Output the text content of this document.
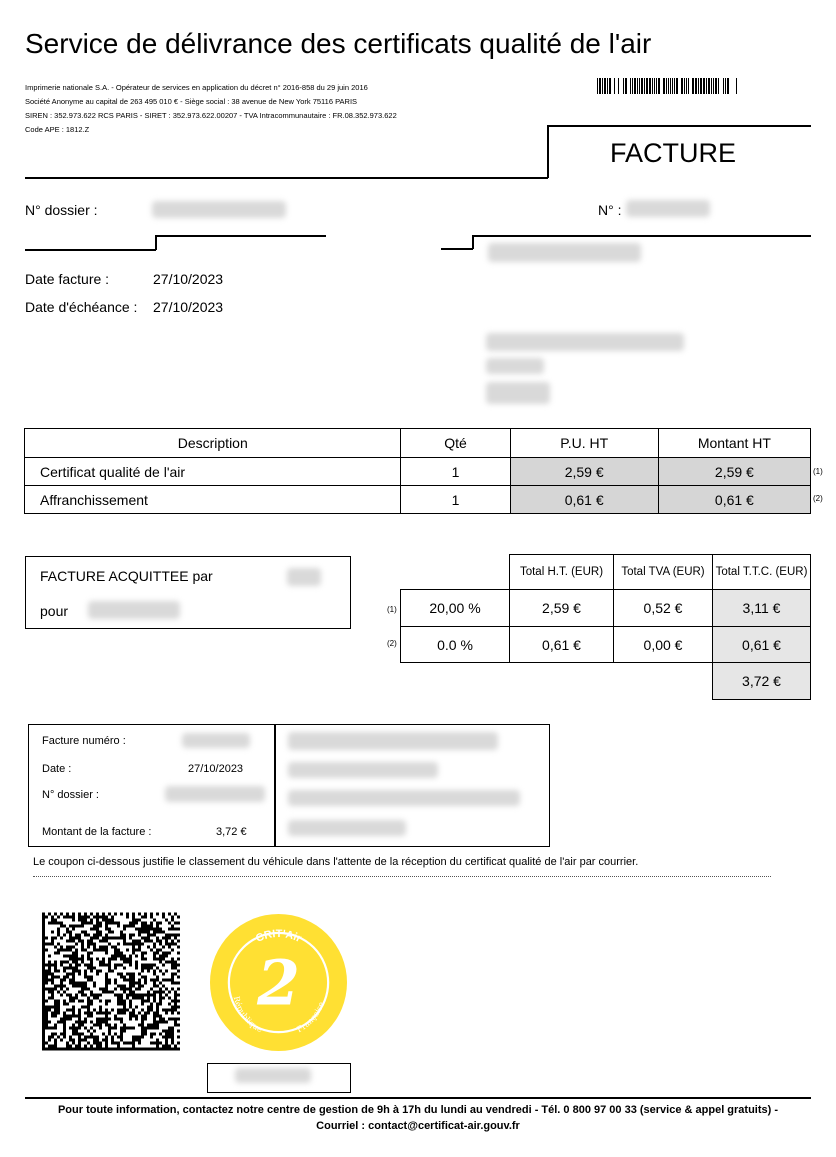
Service de délivrance des certificats qualité de l'air
Imprimerie nationale S.A. - Opérateur de services en application du décret n° 2016-858 du 29 juin 2016
Société Anonyme au capital de 263 495 010 € - Siège social : 38 avenue de New York 75116 PARIS
SIREN : 352.973.622 RCS PARIS - SIRET : 352.973.622.00207 - TVA Intracommunautaire : FR.08.352.973.622
Code APE : 1812.Z
FACTURE
N° dossier :	N° :
Date facture :	27/10/2023
Date d'échéance : 27/10/2023
Description	Qté	P.U. HT	Montant HT
Certificat qualité de l'air	1	2,59 €	2,59 €
Affranchissement	1	0,61 €	0,61 €
(1)
(2)
FACTURE ACQUITTEE par
pour
	Total H.T. (EUR)	Total TVA (EUR)	Total T.T.C. (EUR)
20,00 %	2,59 €	0,52 €	3,11 €
0.0 %	0,61 €	0,00 €	0,61 €
			3,72 €
(1)
(2)
Facture numéro :
Date :	27/10/2023
N° dossier :
Montant de la facture :	3,72 €
Le coupon ci-dessous justifie le classement du véhicule dans l'attente de la réception du certificat qualité de l'air par courrier.
CRIT'Air
2
République	Française
Pour toute information, contactez notre centre de gestion de 9h à 17h du lundi au vendredi - Tél. 0 800 97 00 33 (service & appel gratuits) -
Courriel : contact@certificat-air.gouv.fr
